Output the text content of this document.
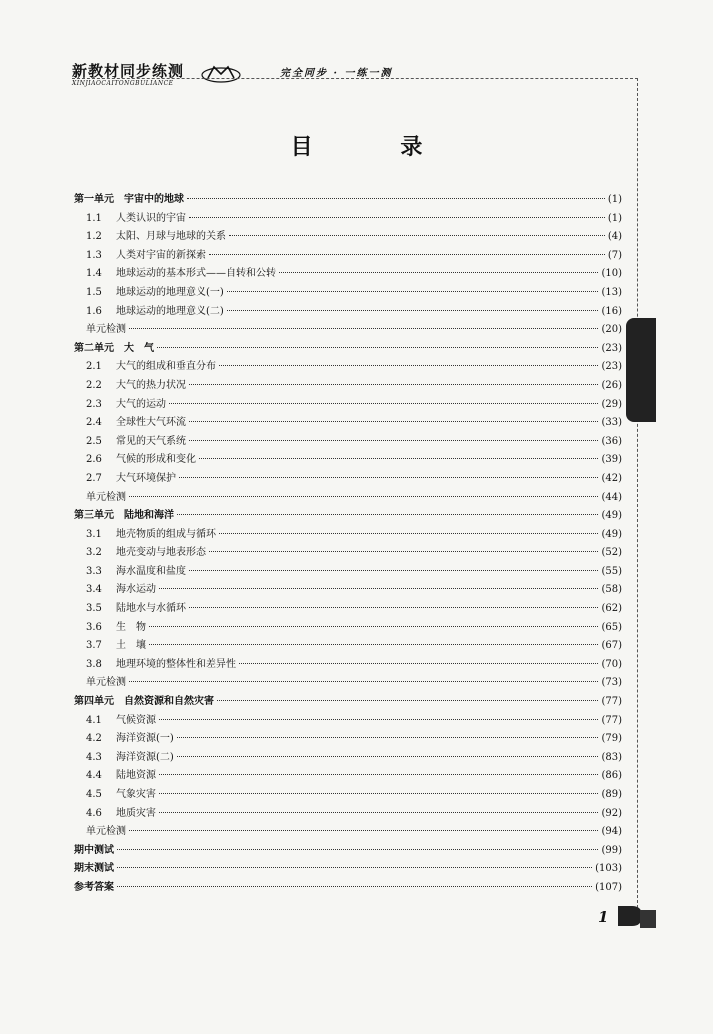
新教材同步练测
XINJIAOCAITONGBULIANCE
完全同步 · 一练一测
目 录
第一单元　宇宙中的地球	(1)
1.1	人类认识的宇宙	(1)
1.2	太阳、月球与地球的关系	(4)
1.3	人类对宇宙的新探索	(7)
1.4	地球运动的基本形式——自转和公转	(10)
1.5	地球运动的地理意义(一)	(13)
1.6	地球运动的地理意义(二)	(16)
单元检测	(20)
第二单元　大　气	(23)
2.1	大气的组成和垂直分布	(23)
2.2	大气的热力状况	(26)
2.3	大气的运动	(29)
2.4	全球性大气环流	(33)
2.5	常见的天气系统	(36)
2.6	气候的形成和变化	(39)
2.7	大气环境保护	(42)
单元检测	(44)
第三单元　陆地和海洋	(49)
3.1	地壳物质的组成与循环	(49)
3.2	地壳变动与地表形态	(52)
3.3	海水温度和盐度	(55)
3.4	海水运动	(58)
3.5	陆地水与水循环	(62)
3.6	生　物	(65)
3.7	土　壤	(67)
3.8	地理环境的整体性和差异性	(70)
单元检测	(73)
第四单元　自然资源和自然灾害	(77)
4.1	气候资源	(77)
4.2	海洋资源(一)	(79)
4.3	海洋资源(二)	(83)
4.4	陆地资源	(86)
4.5	气象灾害	(89)
4.6	地质灾害	(92)
单元检测	(94)
期中测试	(99)
期末测试	(103)
参考答案	(107)
1
